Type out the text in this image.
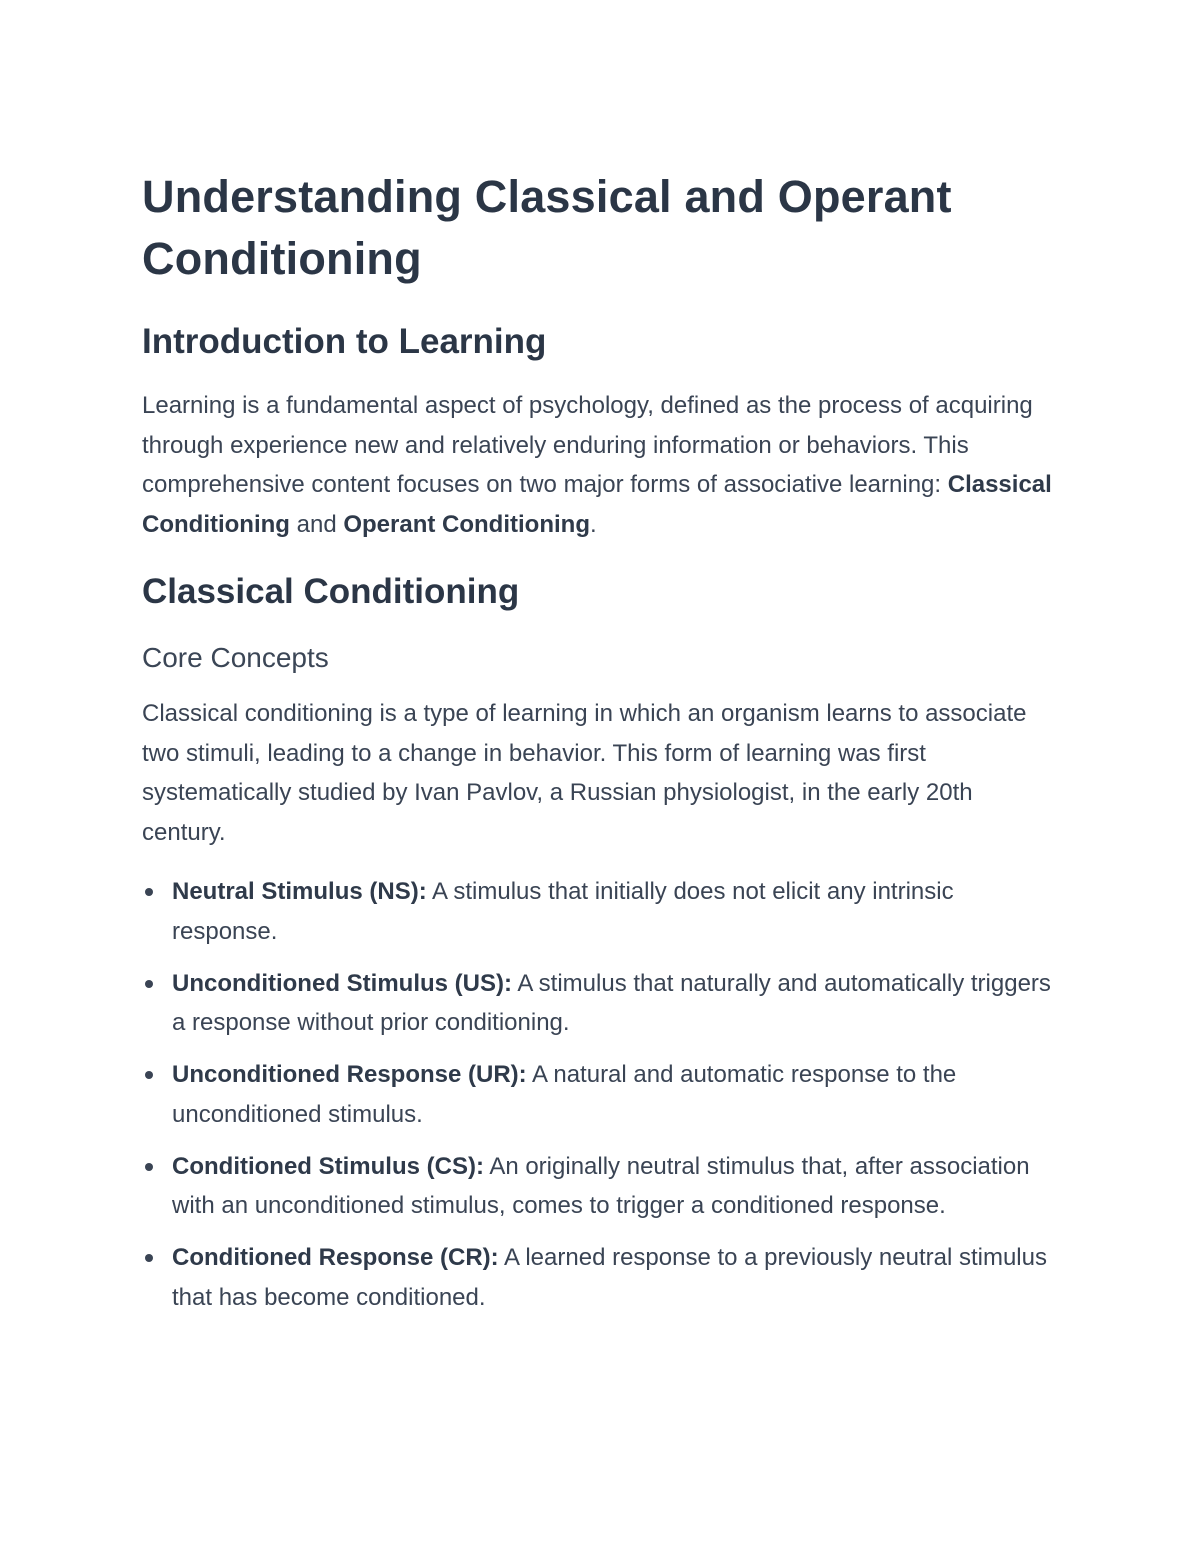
Understanding Classical and Operant Conditioning
Introduction to Learning

Learning is a fundamental aspect of psychology, defined as the process of acquiring through experience new and relatively enduring information or behaviors. This comprehensive content focuses on two major forms of associative learning: Classical Conditioning and Operant Conditioning.

Classical Conditioning
Core Concepts

Classical conditioning is a type of learning in which an organism learns to associate two stimuli, leading to a change in behavior. This form of learning was first systematically studied by Ivan Pavlov, a Russian physiologist, in the early 20th century.

Neutral Stimulus (NS): A stimulus that initially does not elicit any intrinsic response.
Unconditioned Stimulus (US): A stimulus that naturally and automatically triggers a response without prior conditioning.
Unconditioned Response (UR): A natural and automatic response to the unconditioned stimulus.
Conditioned Stimulus (CS): An originally neutral stimulus that, after association with an unconditioned stimulus, comes to trigger a conditioned response.
Conditioned Response (CR): A learned response to a previously neutral stimulus that has become conditioned.
